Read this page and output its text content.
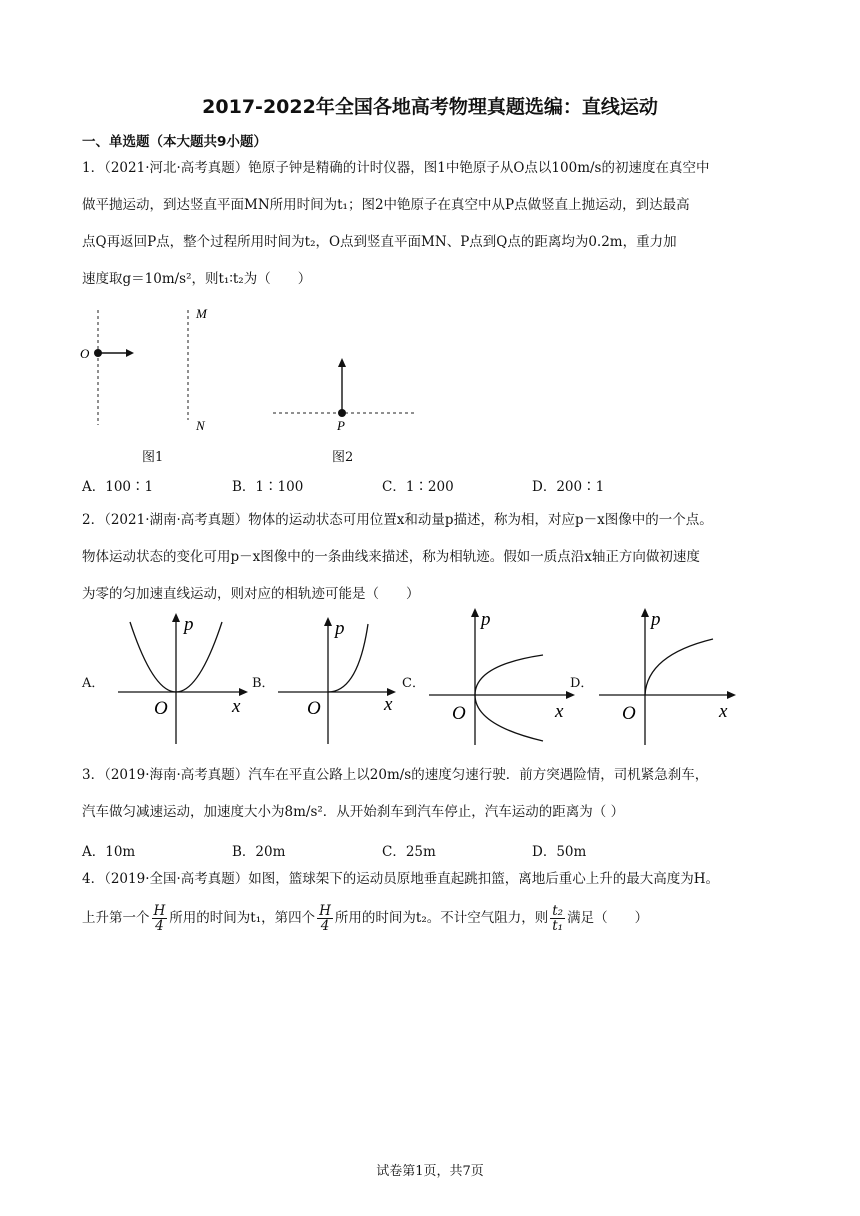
2017-2022年全国各地高考物理真题选编：直线运动
一、单选题（本大题共9小题）
1．（2021·河北·高考真题）铯原子钟是精确的计时仪器，图1中铯原子从O点以100m/s的初速度在真空中
做平抛运动，到达竖直平面MN所用时间为t₁；图2中铯原子在真空中从P点做竖直上抛运动，到达最高
点Q再返回P点，整个过程所用时间为t₂，O点到竖直平面MN、P点到Q点的距离均为0.2m，重力加
速度取g＝10m/s²，则t₁∶t₂为（　　）
O
M
N	P
图1	图2
A．100∶1	B．1∶100	C．1∶200	D．200∶1
2．（2021·湖南·高考真题）物体的运动状态可用位置x和动量p描述，称为相，对应p－x图像中的一个点。
物体运动状态的变化可用p－x图像中的一条曲线来描述，称为相轨迹。假如一质点沿x轴正方向做初速度
为零的匀加速直线运动，则对应的相轨迹可能是（　　）
A．
p
x
O
B．
p
x
O
C．
p
x
O
D．
p
x
O
3．（2019·海南·高考真题）汽车在平直公路上以20m/s的速度匀速行驶．前方突遇险情，司机紧急刹车，
汽车做匀减速运动，加速度大小为8m/s²．从开始刹车到汽车停止，汽车运动的距离为（ ）
A．10m	B．20m	C．25m	D．50m
4．（2019·全国·高考真题）如图，篮球架下的运动员原地垂直起跳扣篮，离地后重心上升的最大高度为H。
上升第一个 $\frac{H}{4}$ 所用的时间为t₁，第四个 $\frac{H}{4}$ 所用的时间为t₂。不计空气阻力，则 $\frac{\text{t₂}}{\text{t₁}}$ 满足（　　）
试卷第1页，共7页
